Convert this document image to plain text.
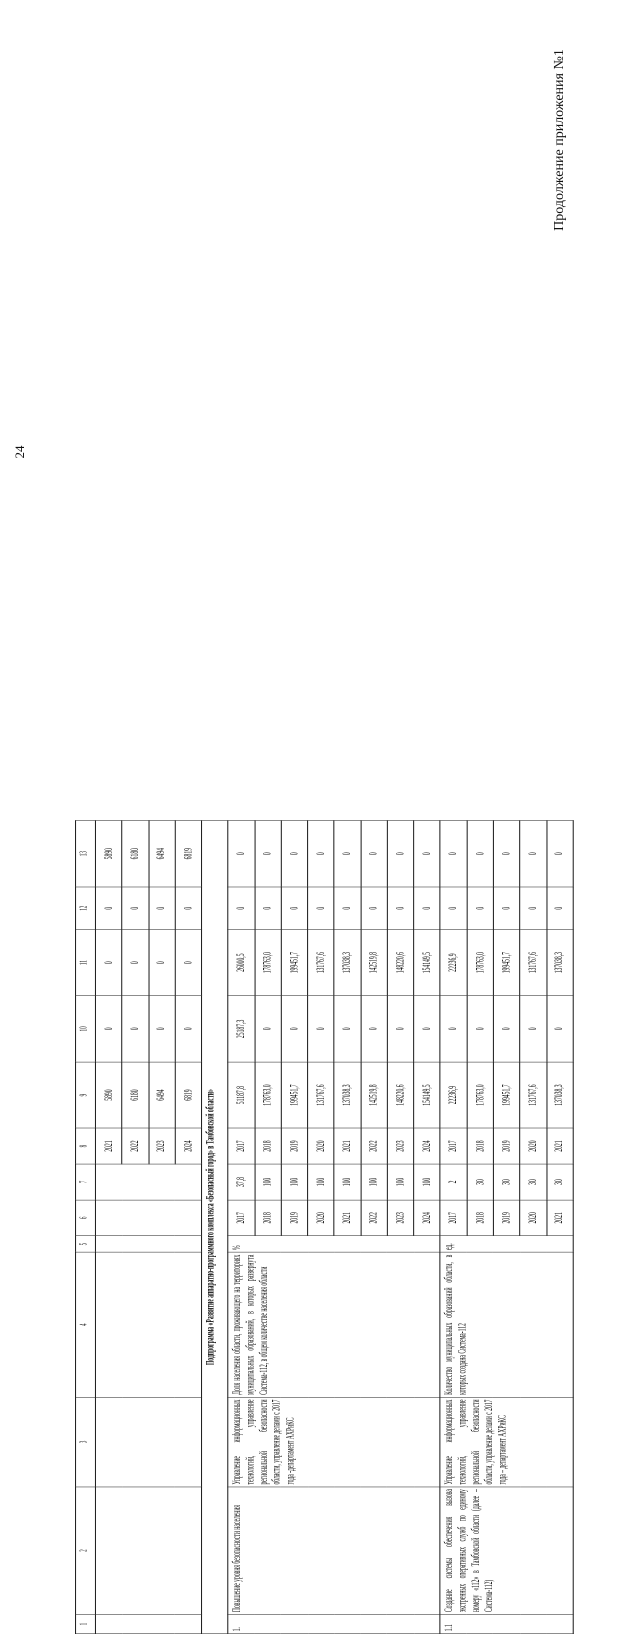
24
Продолжение приложения №1
1	2	3	4	5	6	7	8	9	10	11	12	13
							2021	5890	0	0	0	5890
							2022	6180	0	0	0	6180
							2023	6494	0	0	0	6494
							2024	6819	0	0	0	6819
Подпрограмма «Развитие аппаратно-программного комплекса «Безопасный город» в Тамбовской области»												
1.	Повышение уровня безопасности населения	Управление информационных технологий, управление региональной безопасности области, управление делами с 2017 года -департамент АХРиКС	Доля населения области, проживающего на территориях муниципальных образований, в которых развернута Система-112, в общем количестве населения области	%	2017	37,8	2017	51187,8	25187,3	26000,5	0	0
					2018	100	2018	178763,0	0	178763,0	0	0
					2019	100	2019	199451,7	0	199451,7	0	0
					2020	100	2020	131767,6	0	131767,6	0	0
					2021	100	2021	137038,3	0	137038,3	0	0
					2022	100	2022	142519,8	0	142519,8	0	0
					2023	100	2023	148220,6	0	148220,6	0	0
					2024	100	2024	154149,5	0	154149,5	0	0
1.1	Создание системы обеспечения вызова экстренных оперативных служб по единому номеру «112» в Тамбовской области (далее – Система-112)	Управление информационных технологий, управление региональной безопасности области, управление делами с 2017 года – департамент АХРиКС	Количество муниципальных образований области, в которых создана Система-112	ед.	2017	2	2017	22236,9	0	22236,9	0	0
					2018	30	2018	178763,0	0	178763,0	0	0
					2019	30	2019	199451,7	0	199451,7	0	0
					2020	30	2020	131767,6	0	131767,6	0	0
					2021	30	2021	137038,3	0	137038,3	0	0
